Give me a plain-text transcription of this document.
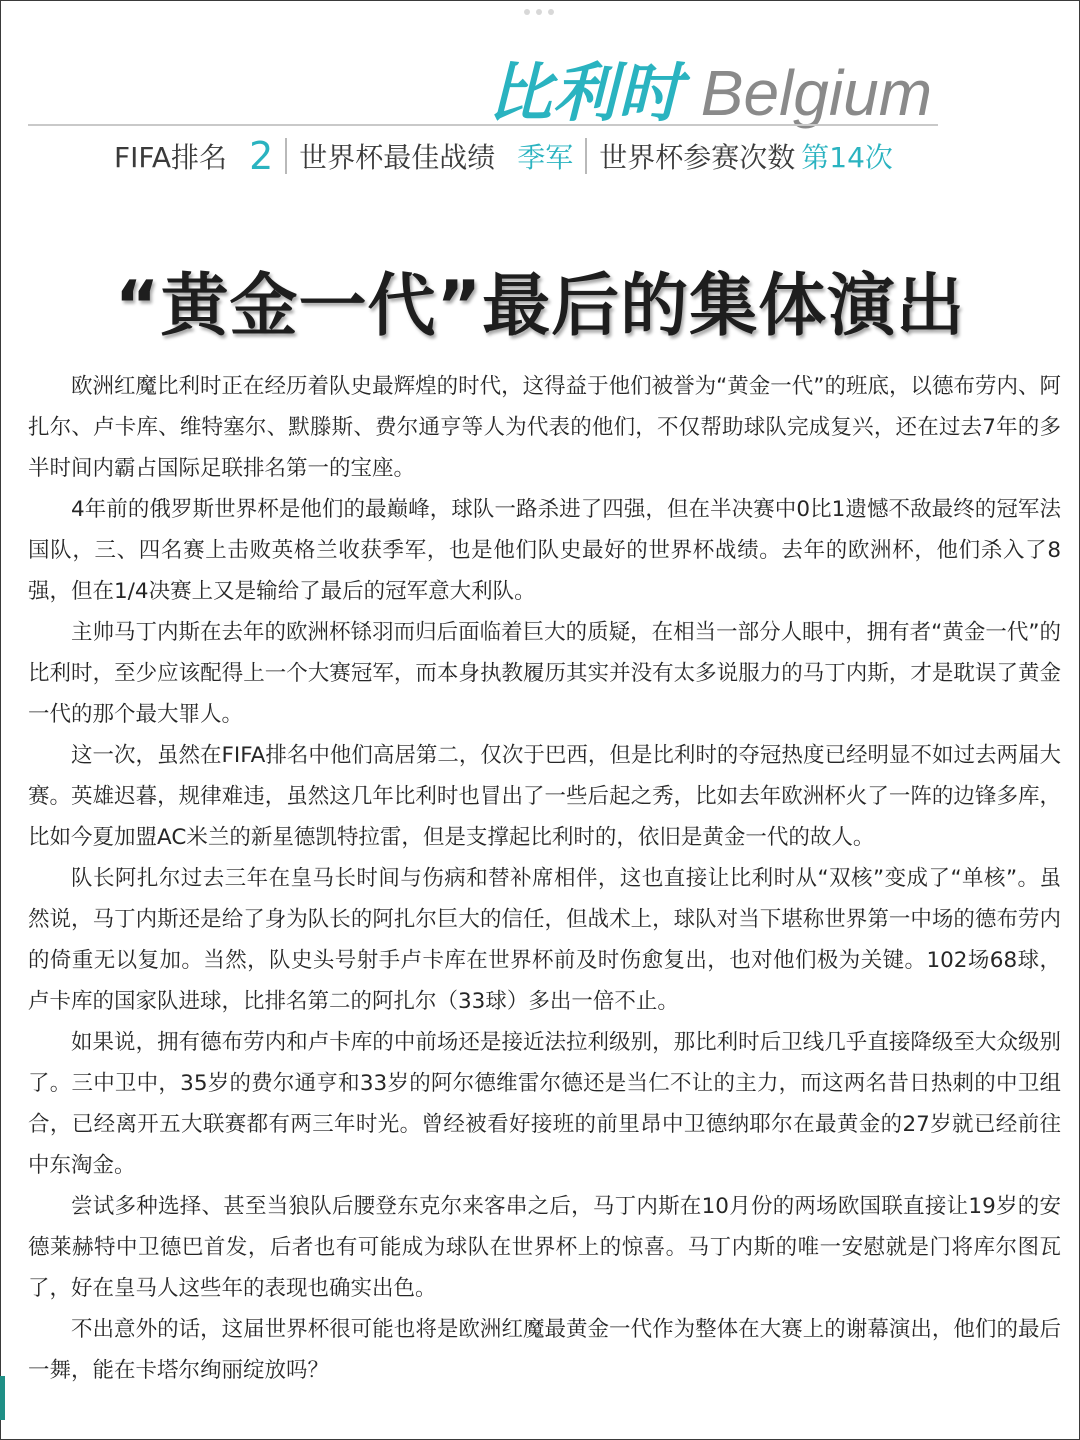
比利时 Belgium
FIFA排名 2 世界杯最佳战绩 季军 世界杯参赛次数 第14次
“黄金一代”最后的集体演出

欧洲红魔比利时正在经历着队史最辉煌的时代，这得益于他们被誉为“黄金一代”的班底，以德布劳内、阿扎尔、卢卡库、维特塞尔、默滕斯、费尔通亨等人为代表的他们，不仅帮助球队完成复兴，还在过去7年的多半时间内霸占国际足联排名第一的宝座。

4年前的俄罗斯世界杯是他们的最巅峰，球队一路杀进了四强，但在半决赛中0比1遗憾不敌最终的冠军法国队，三、四名赛上击败英格兰收获季军，也是他们队史最好的世界杯战绩。去年的欧洲杯，他们杀入了8强，但在1/4决赛上又是输给了最后的冠军意大利队。

主帅马丁内斯在去年的欧洲杯铩羽而归后面临着巨大的质疑，在相当一部分人眼中，拥有者“黄金一代”的比利时，至少应该配得上一个大赛冠军，而本身执教履历其实并没有太多说服力的马丁内斯，才是耽误了黄金一代的那个最大罪人。

这一次，虽然在FIFA排名中他们高居第二，仅次于巴西，但是比利时的夺冠热度已经明显不如过去两届大赛。英雄迟暮，规律难违，虽然这几年比利时也冒出了一些后起之秀，比如去年欧洲杯火了一阵的边锋多库，比如今夏加盟AC米兰的新星德凯特拉雷，但是支撑起比利时的，依旧是黄金一代的故人。

队长阿扎尔过去三年在皇马长时间与伤病和替补席相伴，这也直接让比利时从“双核”变成了“单核”。虽然说，马丁内斯还是给了身为队长的阿扎尔巨大的信任，但战术上，球队对当下堪称世界第一中场的德布劳内的倚重无以复加。当然，队史头号射手卢卡库在世界杯前及时伤愈复出，也对他们极为关键。102场68球，卢卡库的国家队进球，比排名第二的阿扎尔（33球）多出一倍不止。

如果说，拥有德布劳内和卢卡库的中前场还是接近法拉利级别，那比利时后卫线几乎直接降级至大众级别了。三中卫中，35岁的费尔通亨和33岁的阿尔德维雷尔德还是当仁不让的主力，而这两名昔日热刺的中卫组合，已经离开五大联赛都有两三年时光。曾经被看好接班的前里昂中卫德纳耶尔在最黄金的27岁就已经前往中东淘金。

尝试多种选择、甚至当狼队后腰登东克尔来客串之后，马丁内斯在10月份的两场欧国联直接让19岁的安德莱赫特中卫德巴首发，后者也有可能成为球队在世界杯上的惊喜。马丁内斯的唯一安慰就是门将库尔图瓦了，好在皇马人这些年的表现也确实出色。

不出意外的话，这届世界杯很可能也将是欧洲红魔最黄金一代作为整体在大赛上的谢幕演出，他们的最后一舞，能在卡塔尔绚丽绽放吗？
